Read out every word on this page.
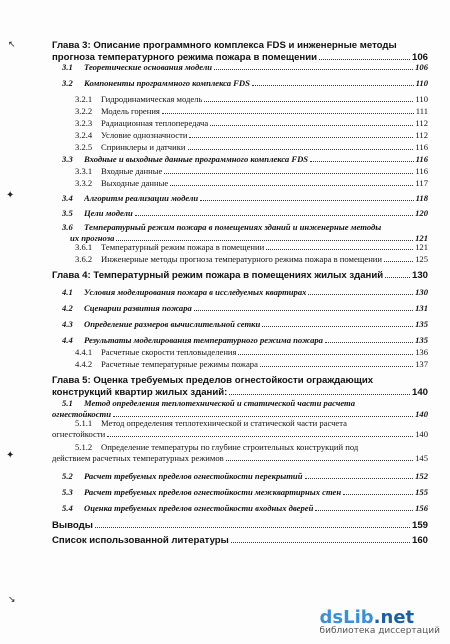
↖
✦
✦
↘
Глава 3: Описание программного комплекса FDS и инженерные методы
прогноза температурного режима пожара в помещении	106
3.1	Теоретические основания модели	106
3.2	Компоненты программного комплекса FDS	110
3.2.1	Гидродинамическая модель	110
3.2.2	Модель горения	111
3.2.3	Радиационная теплопередача	112
3.2.4	Условие однозначности	112
3.2.5	Спринклеры и датчики	116
3.3	Входные и выходные данные программного комплекса FDS	116
3.3.1	Входные данные	116
3.3.2	Выходные данные	117
3.4	Алгоритм реализации модели	118
3.5	Цели модели	120
3.6 Температурный режим пожара в помещениях зданий и инженерные методы
их прогноза	121
3.6.1	Температурный режим пожара в помещении	121
3.6.2	Инженерные методы прогноза температурного режима пожара в помещении	125
Глава 4: Температурный режим пожара в помещениях жилых зданий	130
4.1	Условия моделирования пожара в исследуемых квартирах	130
4.2	Сценарии развития пожара	131
4.3	Определение размеров вычислительной сетки	135
4.4	Результаты моделирования температурного режима пожара	135
4.4.1	Расчетные скорости тепловыделения	136
4.4.2	Расчетные температурные режимы пожара	137
Глава 5: Оценка требуемых пределов огнестойкости ограждающих
конструкций квартир жилых зданий:	140
5.1 Метод определения теплотехнической и статической части расчета
огнестойкости	140
5.1.1 Метод определения теплотехнической и статической части расчета
огнестойкости	140
5.1.2 Определение температуры по глубине строительных конструкций под
действием расчетных температурных режимов	145
5.2	Расчет требуемых пределов огнестойкости перекрытий	152
5.3	Расчет требуемых пределов огнестойкости межквартирных стен	155
5.4	Оценка требуемых пределов огнестойкости входных дверей	156
Выводы	159
Список использованной литературы	160
dsLib.net
библиотека диссертаций
